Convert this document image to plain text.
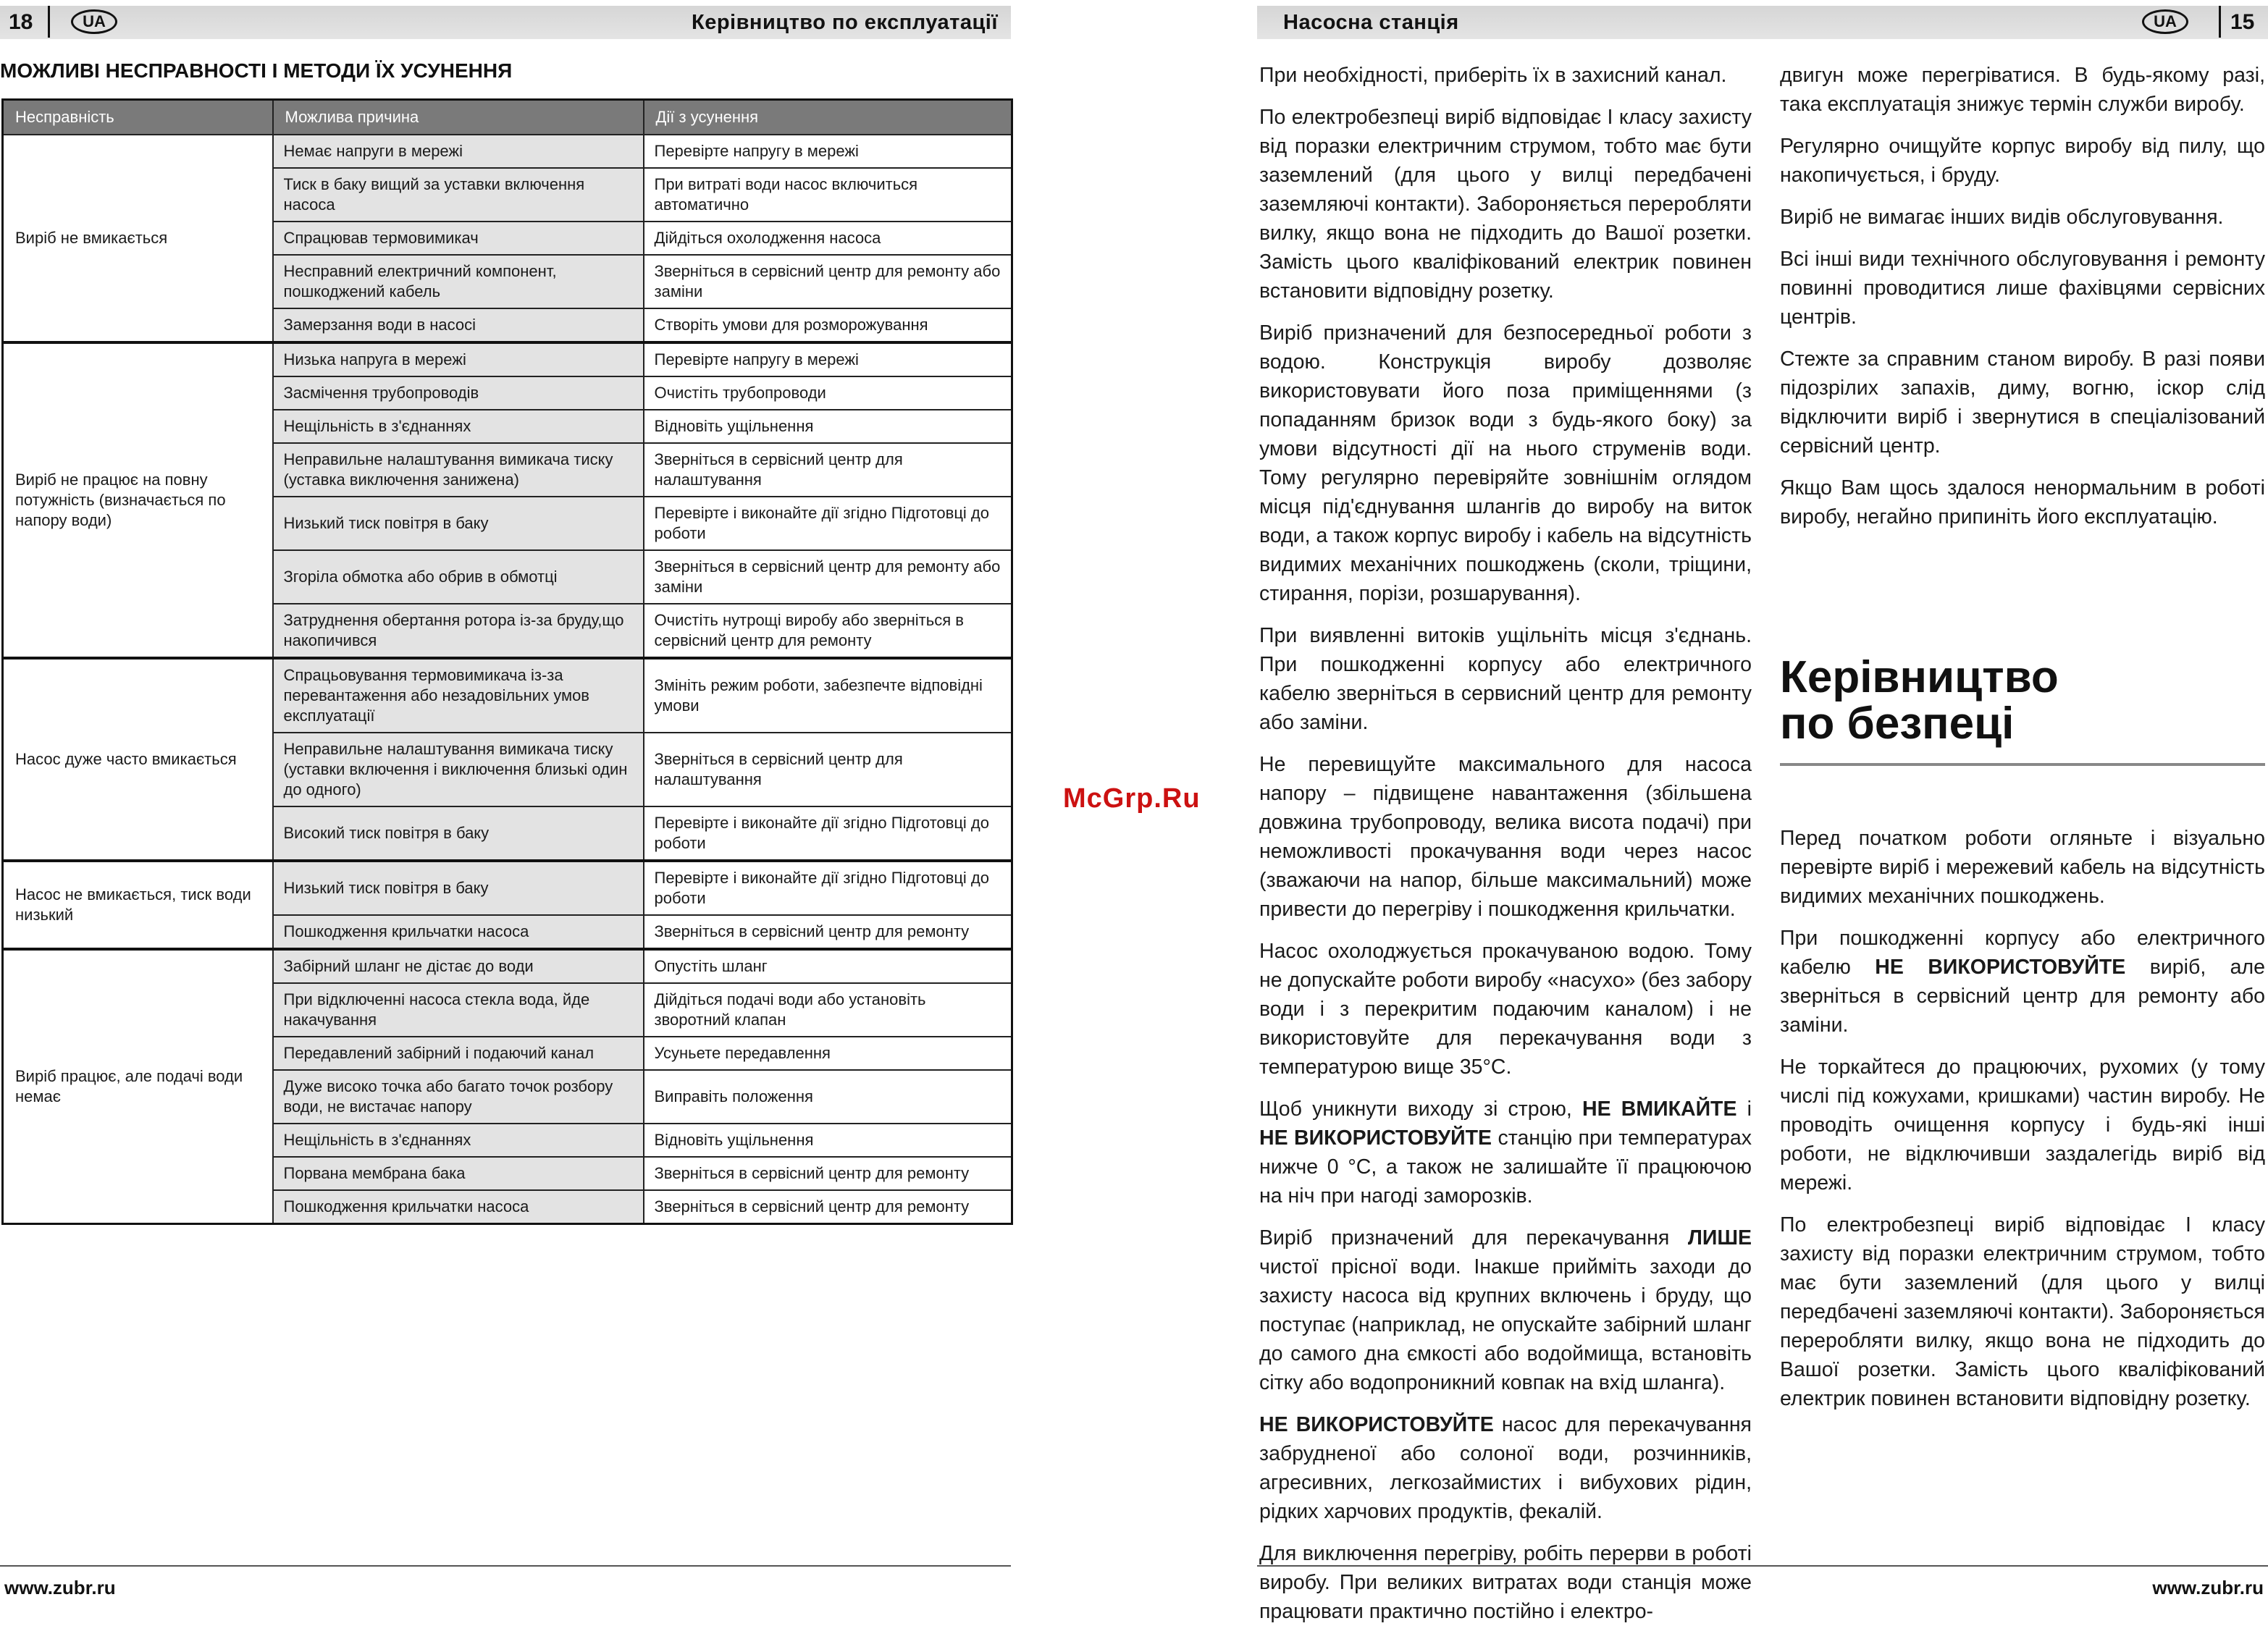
Керівництво по експлуатації
18	UA
МОЖЛИВІ НЕСПРАВНОСТІ І МЕТОДИ ЇХ УСУНЕННЯ
Несправність	Можлива причина	Дії з усунення
Виріб не вмикається	Немає напруги в мережі	Перевірте напругу в мережі
	Тиск в баку вищий за уставки включення насоса	При витраті води насос включиться автоматично
	Спрацював термовимикач	Дійдіться охолодження насоса
	Несправний електричний компонент, пошкоджений кабель	Зверніться в сервісний центр для ремонту або заміни
	Замерзання води в насосі	Створіть умови для розморожування
Виріб не працює на повну потужність (визначається по напору води)	Низька напруга в мережі	Перевірте напругу в мережі
	Засмічення трубопроводів	Очистіть трубопроводи
	Нещільність в з'єднаннях	Відновіть ущільнення
	Неправильне налаштування вимикача тиску (уставка виключення занижена)	Зверніться в сервісний центр для налаштування
	Низький тиск повітря в баку	Перевірте і виконайте дії згідно Підготовці до роботи
	Згоріла обмотка або обрив в обмотці	Зверніться в сервісний центр для ремонту або заміни
	Затруднення обертання ротора із-за бруду,що накопичився	Очистіть нутрощі виробу або зверніться в сервісний центр для ремонту
Насос дуже часто вмикається	Спрацьовування термовимикача із-за перевантаження або незадовільних умов експлуатації	Змініть режим роботи, забезпечте відповідні умови
	Неправильне налаштування вимикача тиску (уставки включення і виключення близькі один до одного)	Зверніться в сервісний центр для налаштування
	Високий тиск повітря в баку	Перевірте і виконайте дії згідно Підготовці до роботи
Насос не вмикається, тиск води низький	Низький тиск повітря в баку	Перевірте і виконайте дії згідно Підготовці до роботи
	Пошкодження крильчатки насоса	Зверніться в сервісний центр для ремонту
Виріб працює, але подачі води немає	Забірний шланг не дістає до води	Опустіть шланг
	При відключенні насоса стекла вода, йде накачування	Дійдіться подачі води або установіть зворотний клапан
	Передавлений забірний і подаючий канал	Усуньете передавлення
	Дуже високо точка або багато точок розбору води, не вистачає напору	Виправіть положення
	Нещільність в з'єднаннях	Відновіть ущільнення
	Порвана мембрана бака	Зверніться в сервісний центр для ремонту
	Пошкодження крильчатки насоса	Зверніться в сервісний центр для ремонту
www.zubr.ru
McGrp.Ru
Насосна станція	UA	15

При необхідності, приберіть їх в захисний канал.

По електробезпеці виріб відповідає I класу захисту від поразки електричним струмом, тобто має бути заземлений (для цього у вилці передбачені заземляючі контакти). Забороняється переробляти вилку, якщо вона не підходить до Вашої розетки. Замість цього кваліфікований електрик повинен встановити відповідну розетку.

Виріб призначений для безпосередньої роботи з водою. Конструкція виробу дозволяє використовувати його поза приміщеннями (з попаданням бризок води з будь-якого боку) за умови відсутності дії на нього струменів води. Тому регулярно перевіряйте зовнішнім оглядом місця під'єднування шлангів до виробу на виток води, а також корпус виробу і кабель на відсутність видимих механічних пошкоджень (сколи, тріщини, стирання, порізи, розшарування).

При виявленні витоків ущільніть місця з'єднань. При пошкодженні корпусу або електричного кабелю зверніться в сервисний центр для ремонту або заміни.

Не перевищуйте максимального для насоса напору – підвищене навантаження (збільшена довжина трубопроводу, велика висота подачі) при неможливості прокачування води через насос (зважаючи на напор, більше максимальний) може привести до перегріву і пошкодження крильчатки.

Насос охолоджується прокачуваною водою. Тому не допускайте роботи виробу «насухо» (без забору води і з перекритим подаючим каналом) і не використовуйте для перекачування води з температурою вище 35°C.

Щоб уникнути виходу зі строю, НЕ ВМИКАЙТЕ і НЕ ВИКОРИСТОВУЙТЕ станцію при температурах нижче 0 °C, а також не залишайте її працюючою на ніч при нагоді заморозків.

Виріб призначений для перекачування ЛИШЕ чистої прісної води. Інакше прийміть заходи до захисту насоса від крупних включень і бруду, що поступає (наприклад, не опускайте забірний шланг до самого дна ємкості або водоймища, встановіть сітку або водопроникний ковпак на вхід шланга).

НЕ ВИКОРИСТОВУЙТЕ насос для перекачування забрудненої або солоної води, розчинників, агресивних, легкозаймистих і вибухових рідин, рідких харчових продуктів, фекалій.

Для виключення перегріву, робіть перерви в роботі виробу. При великих витратах води станція може працювати практично постійно і електро-

двигун може перегріватися. В будь-якому разі, така експлуатація знижує термін служби виробу.

Регулярно очищуйте корпус виробу від пилу, що накопичується, і бруду.

Виріб не вимагає інших видів обслуговування.

Всі інші види технічного обслуговування і ремонту повинні проводитися лише фахівцями сервісних центрів.

Стежте за справним станом виробу. В разі появи підозрілих запахів, диму, вогню, іскор слід відключити виріб і звернутися в спеціалізований сервісний центр.

Якщо Вам щось здалося ненормальним в роботі виробу, негайно припиніть його експлуатацію.

Керівництво
по безпеці

Перед початком роботи огляньте і візуально перевірте виріб і мережевий кабель на відсутність видимих механічних пошкоджень.

При пошкодженні корпусу або електричного кабелю НЕ ВИКОРИСТОВУЙТЕ виріб, але зверніться в сервісний центр для ремонту або заміни.

Не торкайтеся до працюючих, рухомих (у тому числі під кожухами, кришками) частин виробу. Не проводіть очищення корпусу і будь-які інші роботи, не відключивши заздалегідь виріб від мережі.

По електробезпеці виріб відповідає I класу захисту від поразки електричним струмом, тобто має бути заземлений (для цього у вилці передбачені заземляючі контакти). Забороняється переробляти вилку, якщо вона не підходить до Вашої розетки. Замість цього кваліфікований електрик повинен встановити відповідну розетку.

www.zubr.ru
